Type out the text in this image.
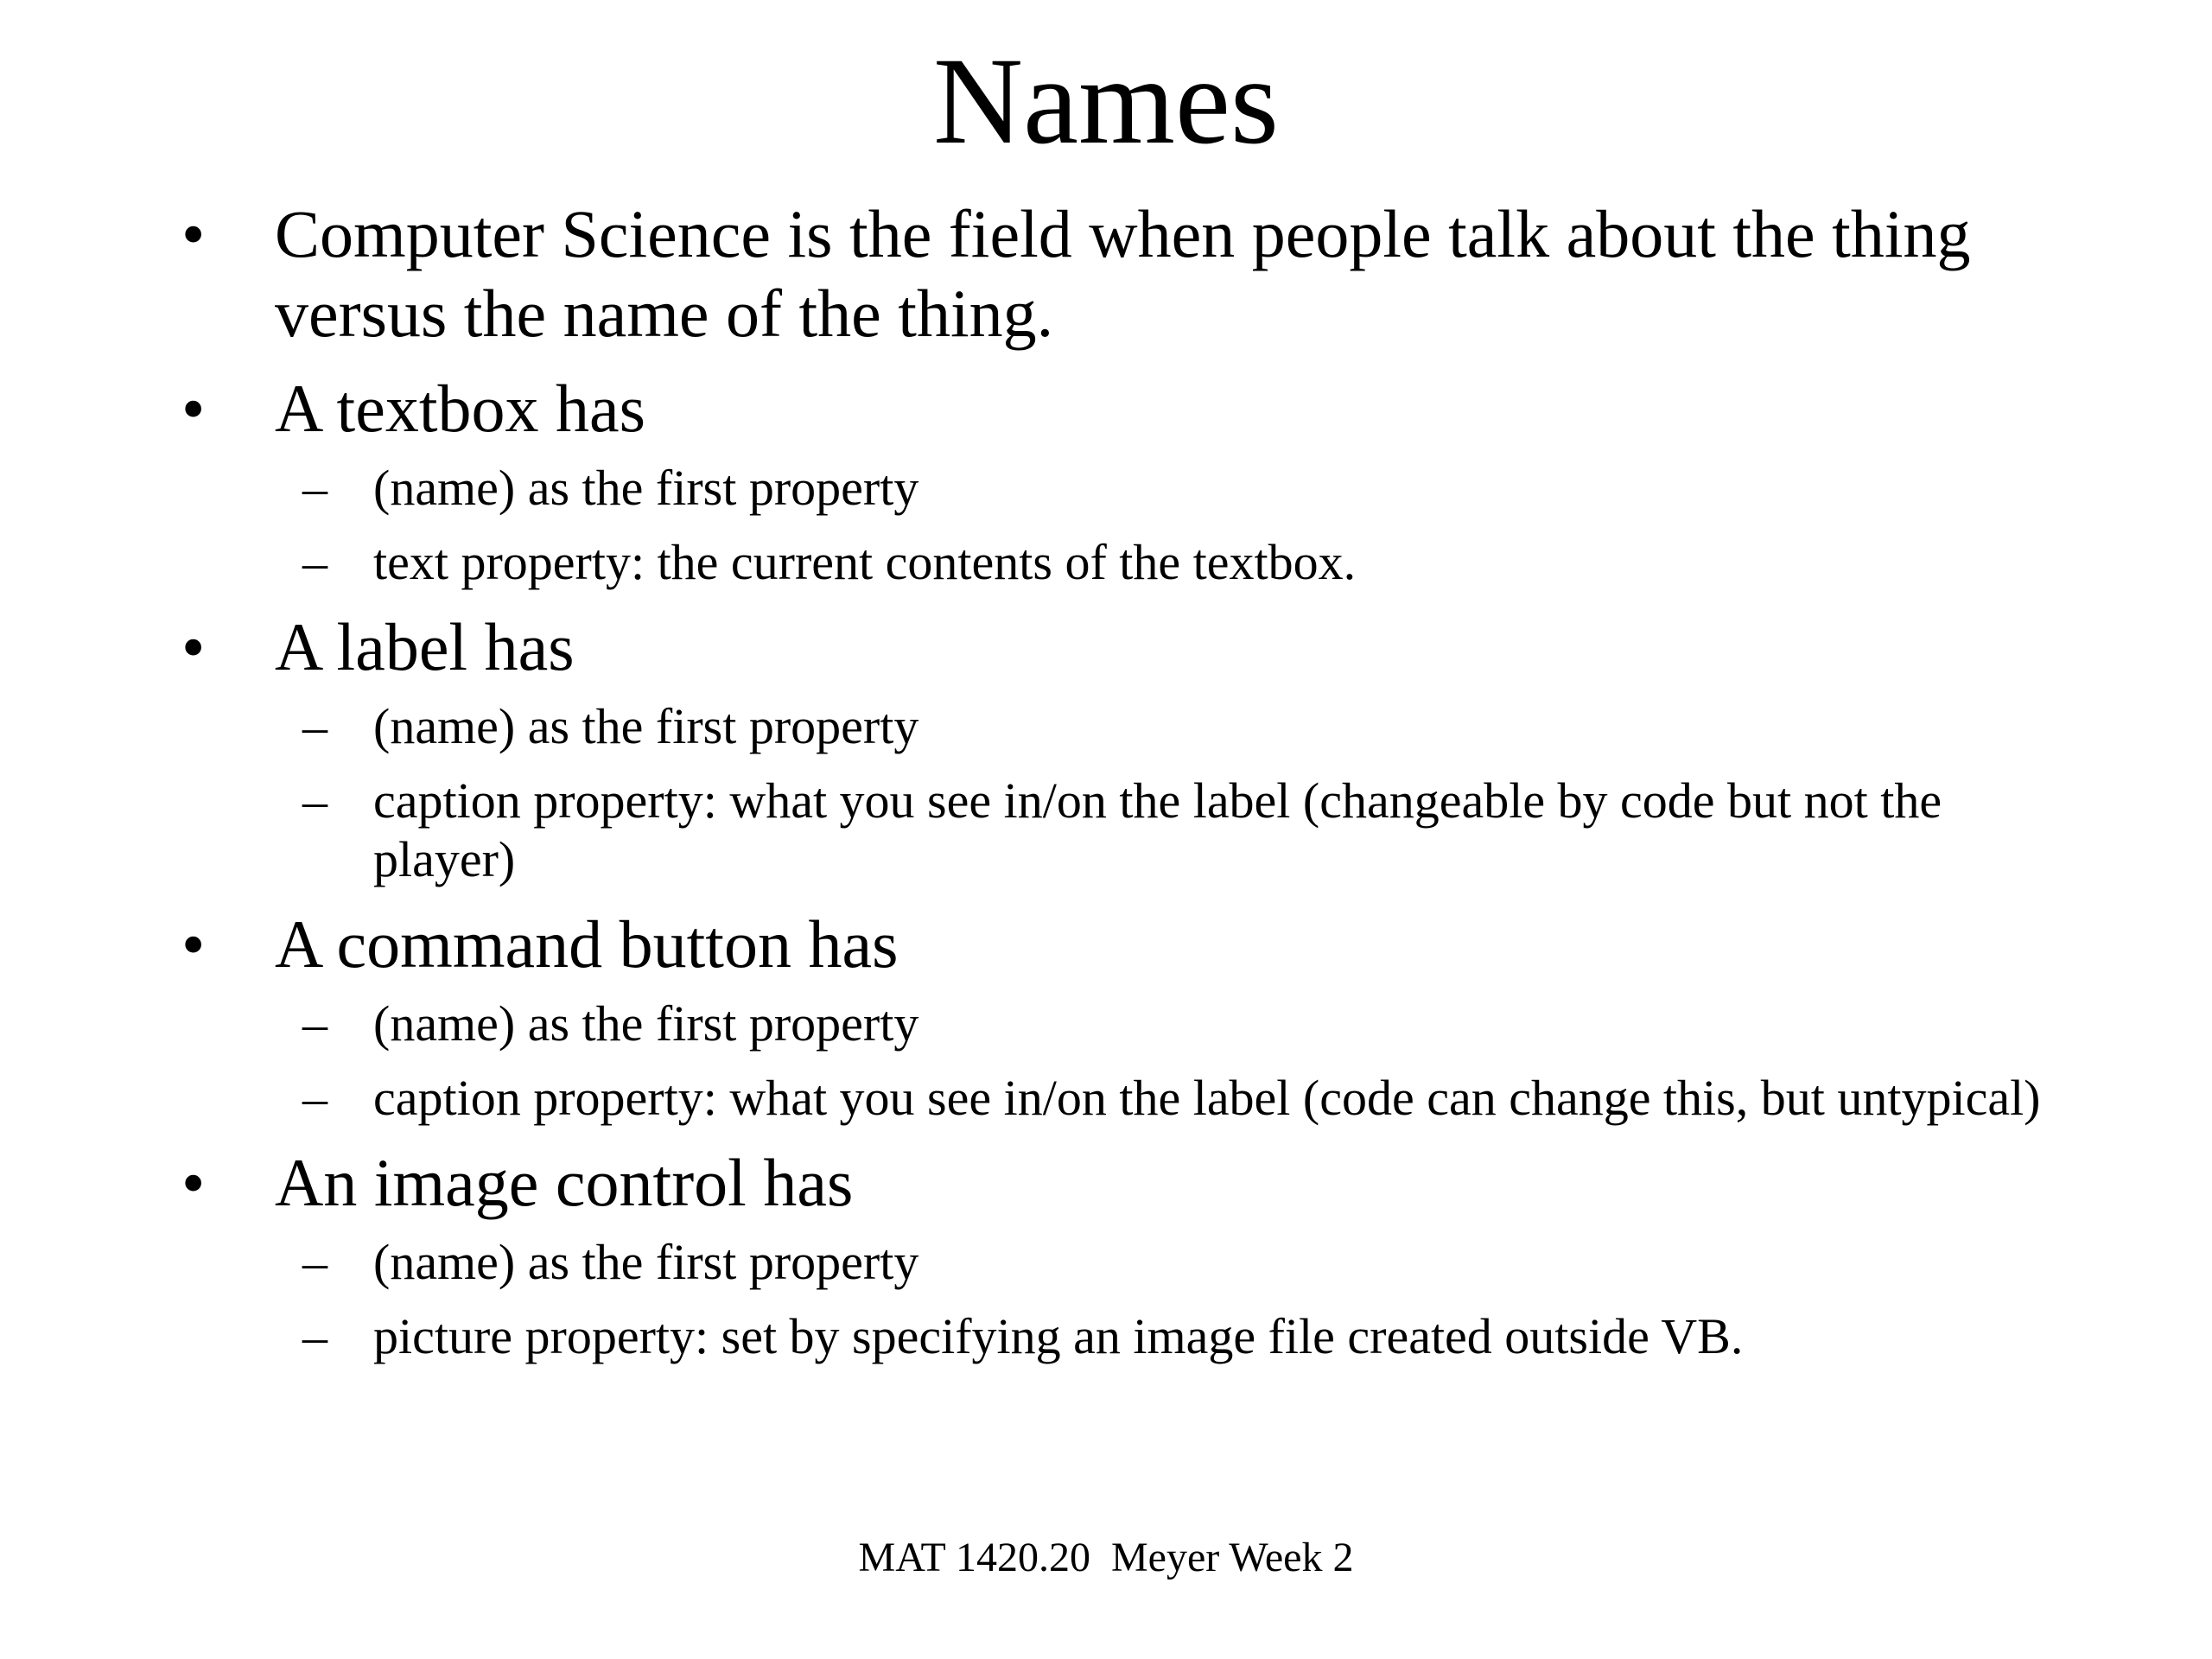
Names
•	Computer Science is the field when people talk about the thing versus the name of the thing.
•	A textbox has
– (name) as the first property
– text property: the current contents of the textbox.
•	A label has
– (name) as the first property
– caption property: what you see in/on the label (changeable by code but not the player)
•	A command button has
– (name) as the first property
– caption property: what you see in/on the label (code can change this, but untypical)
•	An image control has
– (name) as the first property
– picture property: set by specifying an image file created outside VB.
MAT 1420.20  Meyer Week 2
